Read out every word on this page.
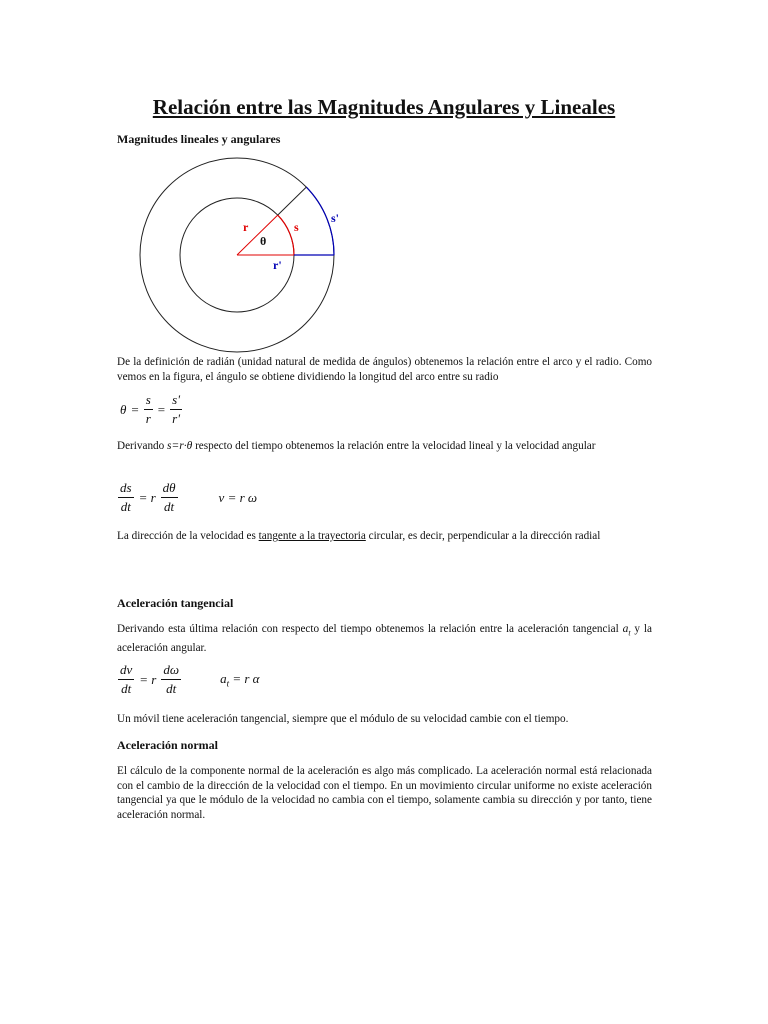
Relación entre las Magnitudes Angulares y Lineales
Magnitudes lineales y angulares
r	s
θ
r'
s'
De la definición de radián (unidad natural de medida de ángulos) obtenemos la relación entre el arco y el radio. Como vemos en la figura, el ángulo se obtiene dividiendo la longitud del arco entre su radio
$\theta = \frac{s}{r} = \frac{s'}{r'}$
Derivando s=r·θ respecto del tiempo obtenemos la relación entre la velocidad lineal y la velocidad angular
$\frac{ds}{dt} = r \frac{d\theta}{dt}$	v = r ω
La dirección de la velocidad es tangente a la trayectoria circular, es decir, perpendicular a la dirección radial
Aceleración tangencial
Derivando esta última relación con respecto del tiempo obtenemos la relación entre la aceleración tangencial $a_t$ y la aceleración angular.
$\frac{dv}{dt} = r \frac{d\omega}{dt}$	$a_t = r$ α
Un móvil tiene aceleración tangencial, siempre que el módulo de su velocidad cambie con el tiempo.
Aceleración normal
El cálculo de la componente normal de la aceleración es algo más complicado. La aceleración normal está relacionada con el cambio de la dirección de la velocidad con el tiempo. En un movimiento circular uniforme no existe aceleración tangencial ya que le módulo de la velocidad no cambia con el tiempo, solamente cambia su dirección y por tanto, tiene aceleración normal.
